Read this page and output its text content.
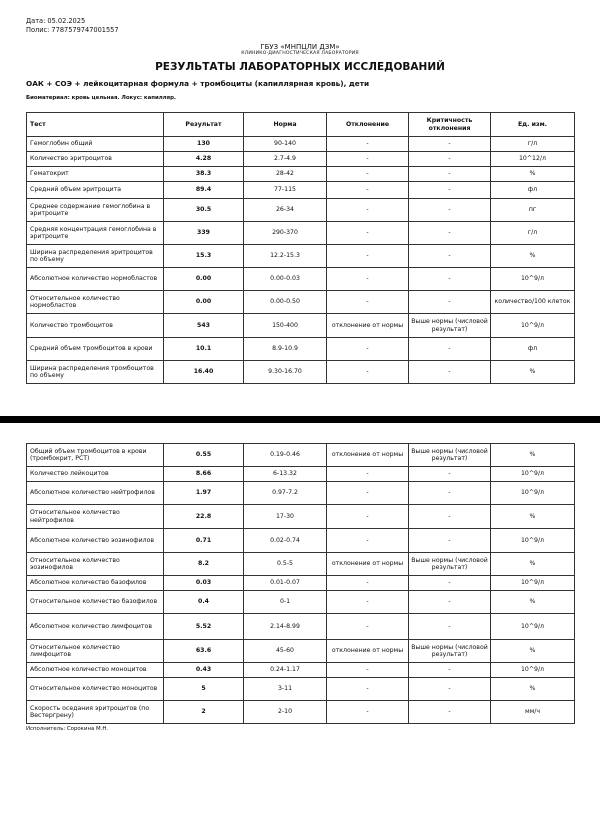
Дата: 05.02.2025
Полис: 7787579747001557
ГБУЗ «МНПЦЛИ ДЗМ»
КЛИНИКО-ДИАГНОСТИЧЕСКАЯ ЛАБОРАТОРИЯ
РЕЗУЛЬТАТЫ ЛАБОРАТОРНЫХ ИССЛЕДОВАНИЙ
ОАК + СОЭ + лейкоцитарная формула + тромбоциты (капиллярная кровь), дети
Биоматериал: кровь цельная. Локус: капилляр.
Тест	Результат	Норма	Отклонение	Критичность отклонения	Ед. изм.
Гемоглобин общий	130	90-140	-	-	г/л
Количество эритроцитов	4.28	2.7-4.9	-	-	10^12/л
Гематокрит	38.3	28-42	-	-	%
Средний объем эритроцита	89.4	77-115	-	-	фл
Среднее содержание гемоглобина в эритроците	30.5	26-34	-	-	пг
Средняя концентрация гемоглобина в эритроците	339	290-370	-	-	г/л
Ширина распределения эритроцитов по объему	15.3	12.2-15.3	-	-	%
Абсолютное количество нормобластов	0.00	0.00-0.03	-	-	10^9/л
Относительное количество нормобластов	0.00	0.00-0.50	-	-	количество/100 клеток
Количество тромбоцитов	543	150-400	отклонение от нормы	Выше нормы (числовой результат)	10^9/л
Средний объем тромбоцитов в крови	10.1	8.9-10.9	-	-	фл
Ширина распределения тромбоцитов по объему	16.40	9.30-16.70	-	-	%
Общий объем тромбоцитов в крови (тромбокрит, PCT)	0.55	0.19-0.46	отклонение от нормы	Выше нормы (числовой результат)	%
Количество лейкоцитов	8.66	6-13.32	-	-	10^9/л
Абсолютное количество нейтрофилов	1.97	0.97-7.2	-	-	10^9/л
Относительное количество нейтрофилов	22.8	17-30	-	-	%
Абсолютное количество эозинофилов	0.71	0.02-0.74	-	-	10^9/л
Относительное количество эозинофилов	8.2	0.5-5	отклонение от нормы	Выше нормы (числовой результат)	%
Абсолютное количество базофилов	0.03	0.01-0.07	-	-	10^9/л
Относительное количество базофилов	0.4	0-1	-	-	%
Абсолютное количество лимфоцитов	5.52	2.14-8.99	-	-	10^9/л
Относительное количество лимфоцитов	63.6	45-60	отклонение от нормы	Выше нормы (числовой результат)	%
Абсолютное количество моноцитов	0.43	0.24-1.17	-	-	10^9/л
Относительное количество моноцитов	5	3-11	-	-	%
Скорость оседания эритроцитов (по Вестергрену)	2	2-10	-	-	мм/ч
Исполнитель: Сорокина М.Н.
